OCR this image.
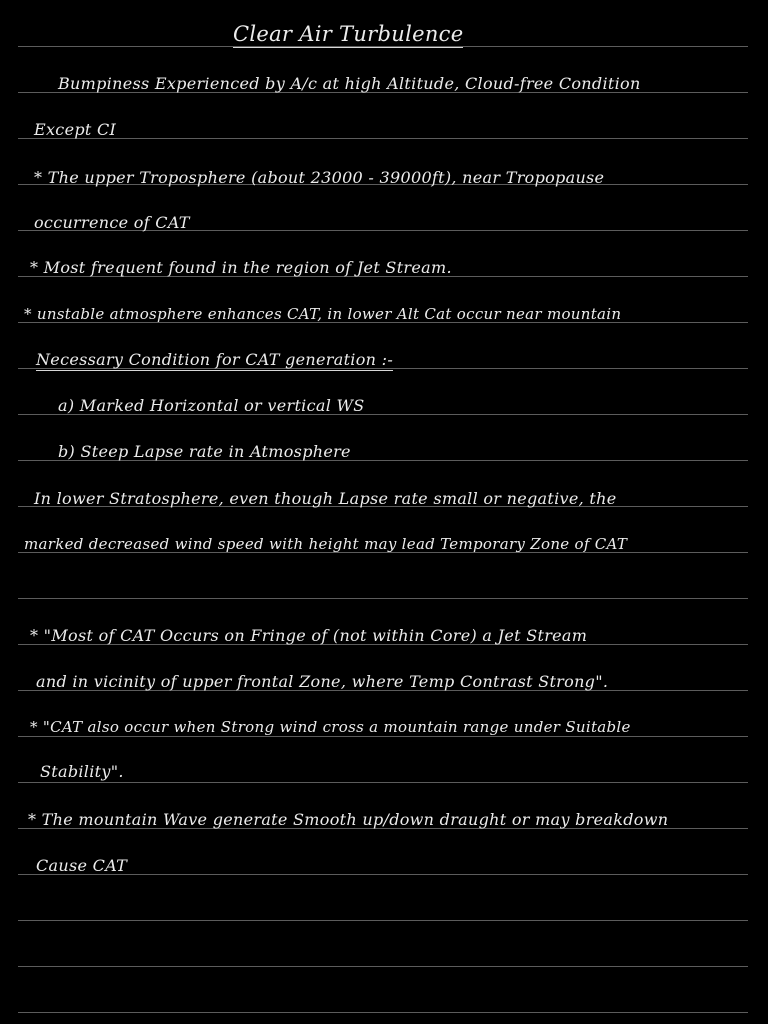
Clear Air Turbulence
Bumpiness Experienced by A/c at high Altitude, Cloud-free Condition
Except CI
* The upper Troposphere (about 23000 - 39000ft), near Tropopause
occurrence of CAT
* Most frequent found in the region of Jet Stream.
* unstable atmosphere enhances CAT, in lower Alt Cat occur near mountain
Necessary Condition for CAT generation :-
a) Marked Horizontal or vertical WS
b) Steep Lapse rate in Atmosphere
In lower Stratosphere, even though Lapse rate small or negative, the
marked decreased wind speed with height may lead Temporary Zone of CAT
* "Most of CAT Occurs on Fringe of (not within Core) a Jet Stream
and in vicinity of upper frontal Zone, where Temp Contrast Strong".
* "CAT also occur when Strong wind cross a mountain range under Suitable
Stability".
* The mountain Wave generate Smooth up/down draught or may breakdown
Cause CAT
